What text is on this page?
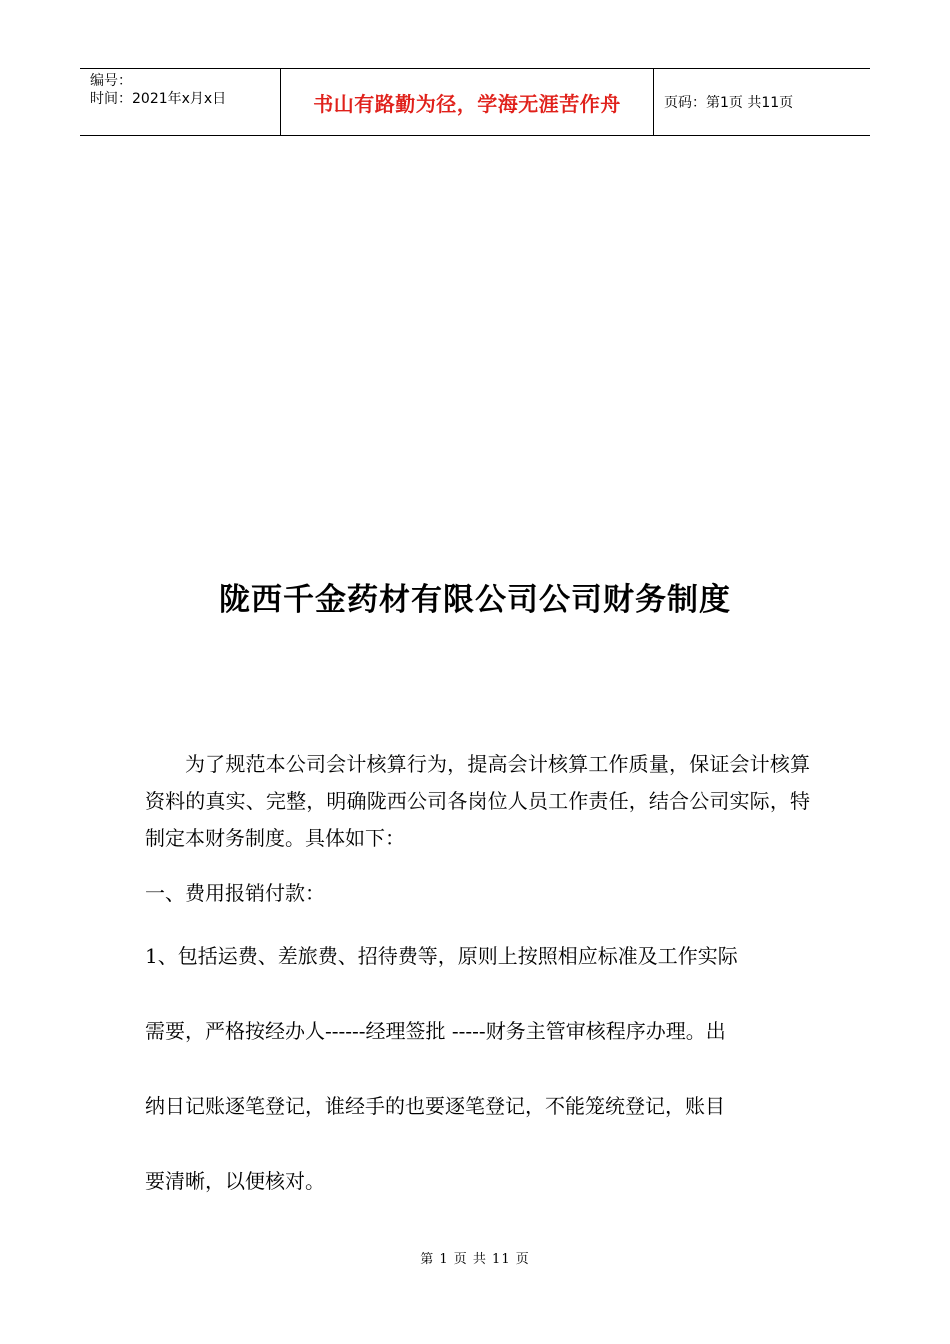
编号：
时间：2021年x月x日	书山有路勤为径，学海无涯苦作舟	页码：第1页 共11页
陇西千金药材有限公司公司财务制度
为了规范本公司会计核算行为，提高会计核算工作质量，保证会计核算资料的真实、完整，明确陇西公司各岗位人员工作责任，结合公司实际，特制定本财务制度。具体如下：
一、费用报销付款：
1、包括运费、差旅费、招待费等，原则上按照相应标准及工作实际
需要，严格按经办人------经理签批 -----财务主管审核程序办理。出
纳日记账逐笔登记，谁经手的也要逐笔登记，不能笼统登记，账目
要清晰，以便核对。
第 1 页 共 11 页
